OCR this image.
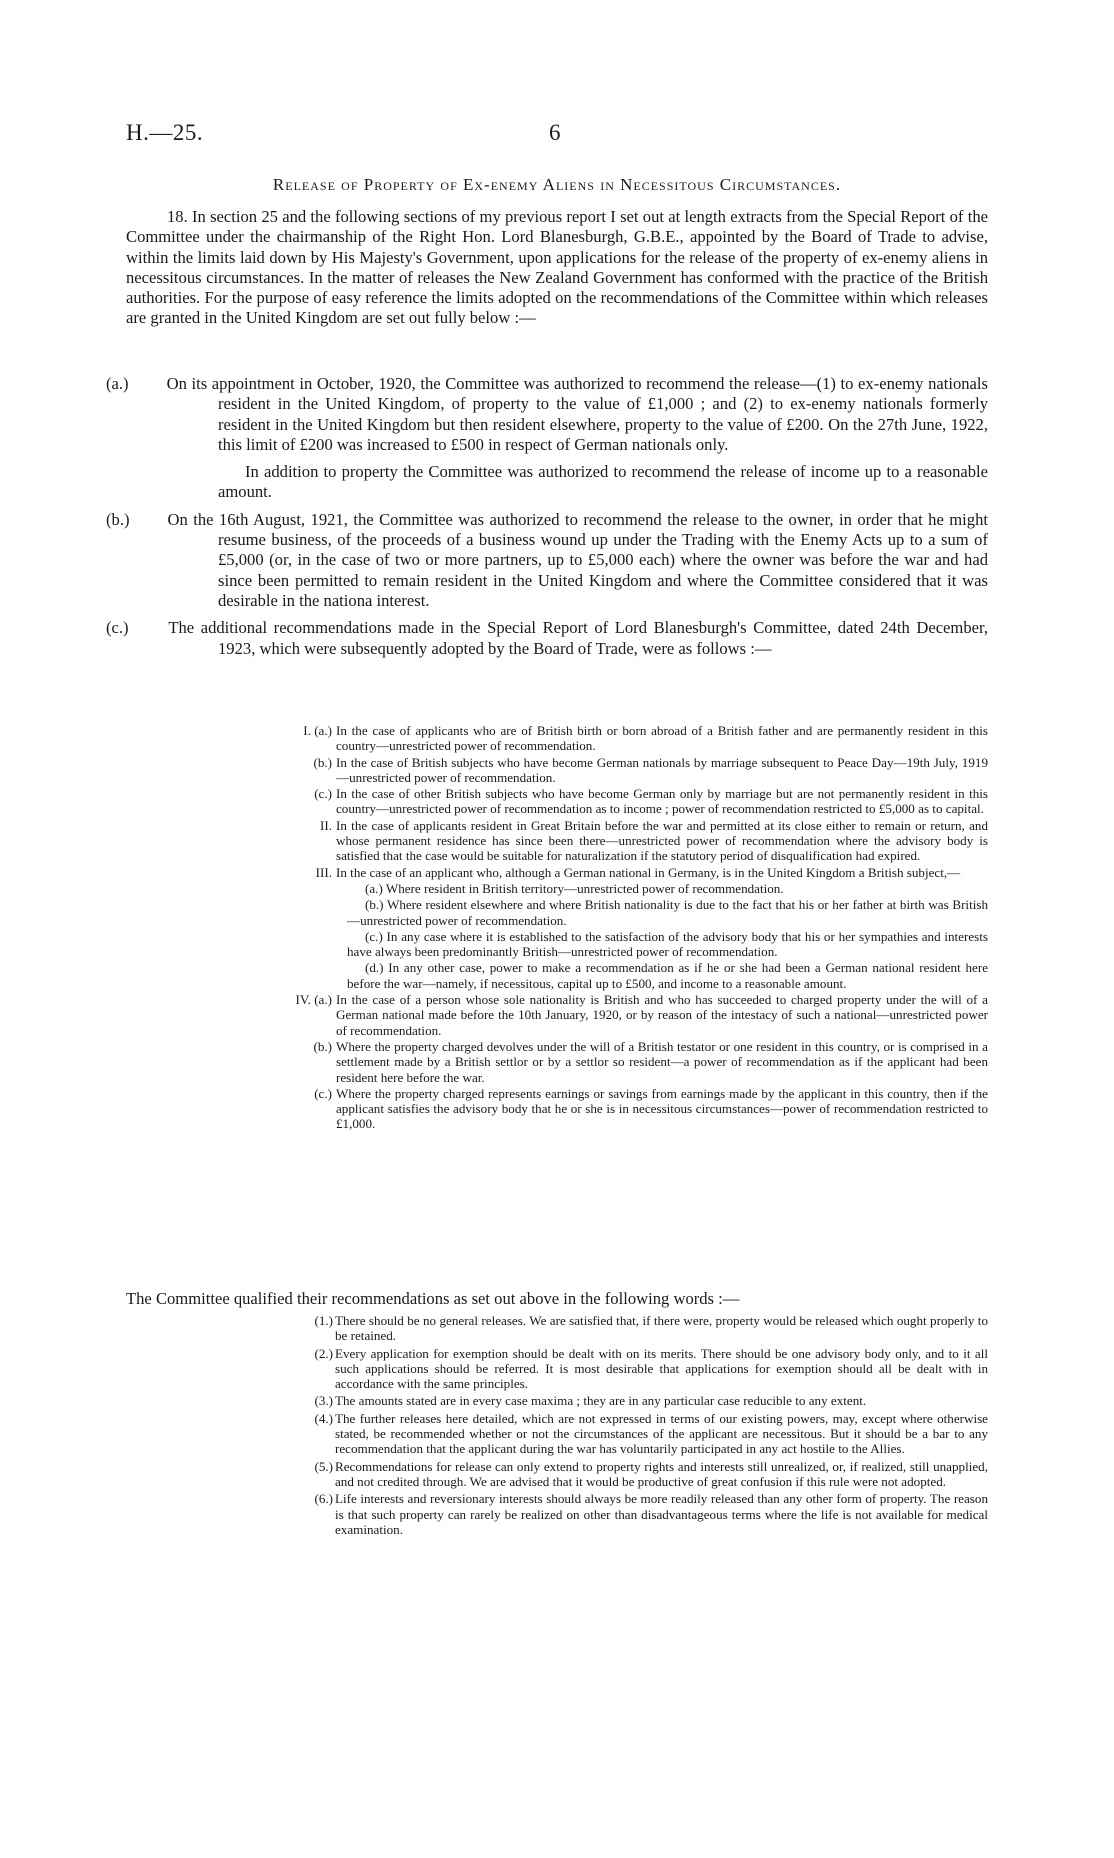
H.—25.	6
Release of Property of Ex-enemy Aliens in Necessitous Circumstances.
18. In section 25 and the following sections of my previous report I set out at length extracts from the Special Report of the Committee under the chairmanship of the Right Hon. Lord Blanesburgh, G.B.E., appointed by the Board of Trade to advise, within the limits laid down by His Majesty's Government, upon applications for the release of the property of ex-enemy aliens in necessitous circumstances. In the matter of releases the New Zealand Government has conformed with the practice of the British authorities. For the purpose of easy reference the limits adopted on the recommendations of the Committee within which releases are granted in the United Kingdom are set out fully below :—

(a.) On its appointment in October, 1920, the Committee was authorized to recommend the release—(1) to ex-enemy nationals resident in the United Kingdom, of property to the value of £1,000 ; and (2) to ex-enemy nationals formerly resident in the United Kingdom but then resident elsewhere, property to the value of £200. On the 27th June, 1922, this limit of £200 was increased to £500 in respect of German nationals only.

In addition to property the Committee was authorized to recommend the release of income up to a reasonable amount.

(b.) On the 16th August, 1921, the Committee was authorized to recommend the release to the owner, in order that he might resume business, of the proceeds of a business wound up under the Trading with the Enemy Acts up to a sum of £5,000 (or, in the case of two or more partners, up to £5,000 each) where the owner was before the war and had since been permitted to remain resident in the United Kingdom and where the Committee considered that it was desirable in the nationa interest.

(c.) The additional recommendations made in the Special Report of Lord Blanesburgh's Committee, dated 24th December, 1923, which were subsequently adopted by the Board of Trade, were as follows :—

I. (a.) In the case of applicants who are of British birth or born abroad of a British father and are permanently resident in this country—unrestricted power of recommendation.

(b.) In the case of British subjects who have become German nationals by marriage subsequent to Peace Day—19th July, 1919—unrestricted power of recommendation.

(c.) In the case of other British subjects who have become German only by marriage but are not permanently resident in this country—unrestricted power of recommendation as to income ; power of recommendation restricted to £5,000 as to capital.

II. In the case of applicants resident in Great Britain before the war and permitted at its close either to remain or return, and whose permanent residence has since been there—unrestricted power of recommendation where the advisory body is satisfied that the case would be suitable for naturalization if the statutory period of disqualification had expired.

III. In the case of an applicant who, although a German national in Germany, is in the United Kingdom a British subject,—

(a.) Where resident in British territory—unrestricted power of recommendation.

(b.) Where resident elsewhere and where British nationality is due to the fact that his or her father at birth was British—unrestricted power of recommendation.

(c.) In any case where it is established to the satisfaction of the advisory body that his or her sympathies and interests have always been predominantly British—unrestricted power of recommendation.

(d.) In any other case, power to make a recommendation as if he or she had been a German national resident here before the war—namely, if necessitous, capital up to £500, and income to a reasonable amount.

IV. (a.) In the case of a person whose sole nationality is British and who has succeeded to charged property under the will of a German national made before the 10th January, 1920, or by reason of the intestacy of such a national—unrestricted power of recommendation.

(b.) Where the property charged devolves under the will of a British testator or one resident in this country, or is comprised in a settlement made by a British settlor or by a settlor so resident—a power of recommendation as if the applicant had been resident here before the war.

(c.) Where the property charged represents earnings or savings from earnings made by the applicant in this country, then if the applicant satisfies the advisory body that he or she is in necessitous circumstances—power of recommendation restricted to £1,000.

The Committee qualified their recommendations as set out above in the following words :—

(1.) There should be no general releases. We are satisfied that, if there were, property would be released which ought properly to be retained.

(2.) Every application for exemption should be dealt with on its merits. There should be one advisory body only, and to it all such applications should be referred. It is most desirable that applications for exemption should all be dealt with in accordance with the same principles.

(3.) The amounts stated are in every case maxima ; they are in any particular case reducible to any extent.

(4.) The further releases here detailed, which are not expressed in terms of our existing powers, may, except where otherwise stated, be recommended whether or not the circumstances of the applicant are necessitous. But it should be a bar to any recommendation that the applicant during the war has voluntarily participated in any act hostile to the Allies.

(5.) Recommendations for release can only extend to property rights and interests still unrealized, or, if realized, still unapplied, and not credited through. We are advised that it would be productive of great confusion if this rule were not adopted.

(6.) Life interests and reversionary interests should always be more readily released than any other form of property. The reason is that such property can rarely be realized on other than disadvantageous terms where the life is not available for medical examination.
